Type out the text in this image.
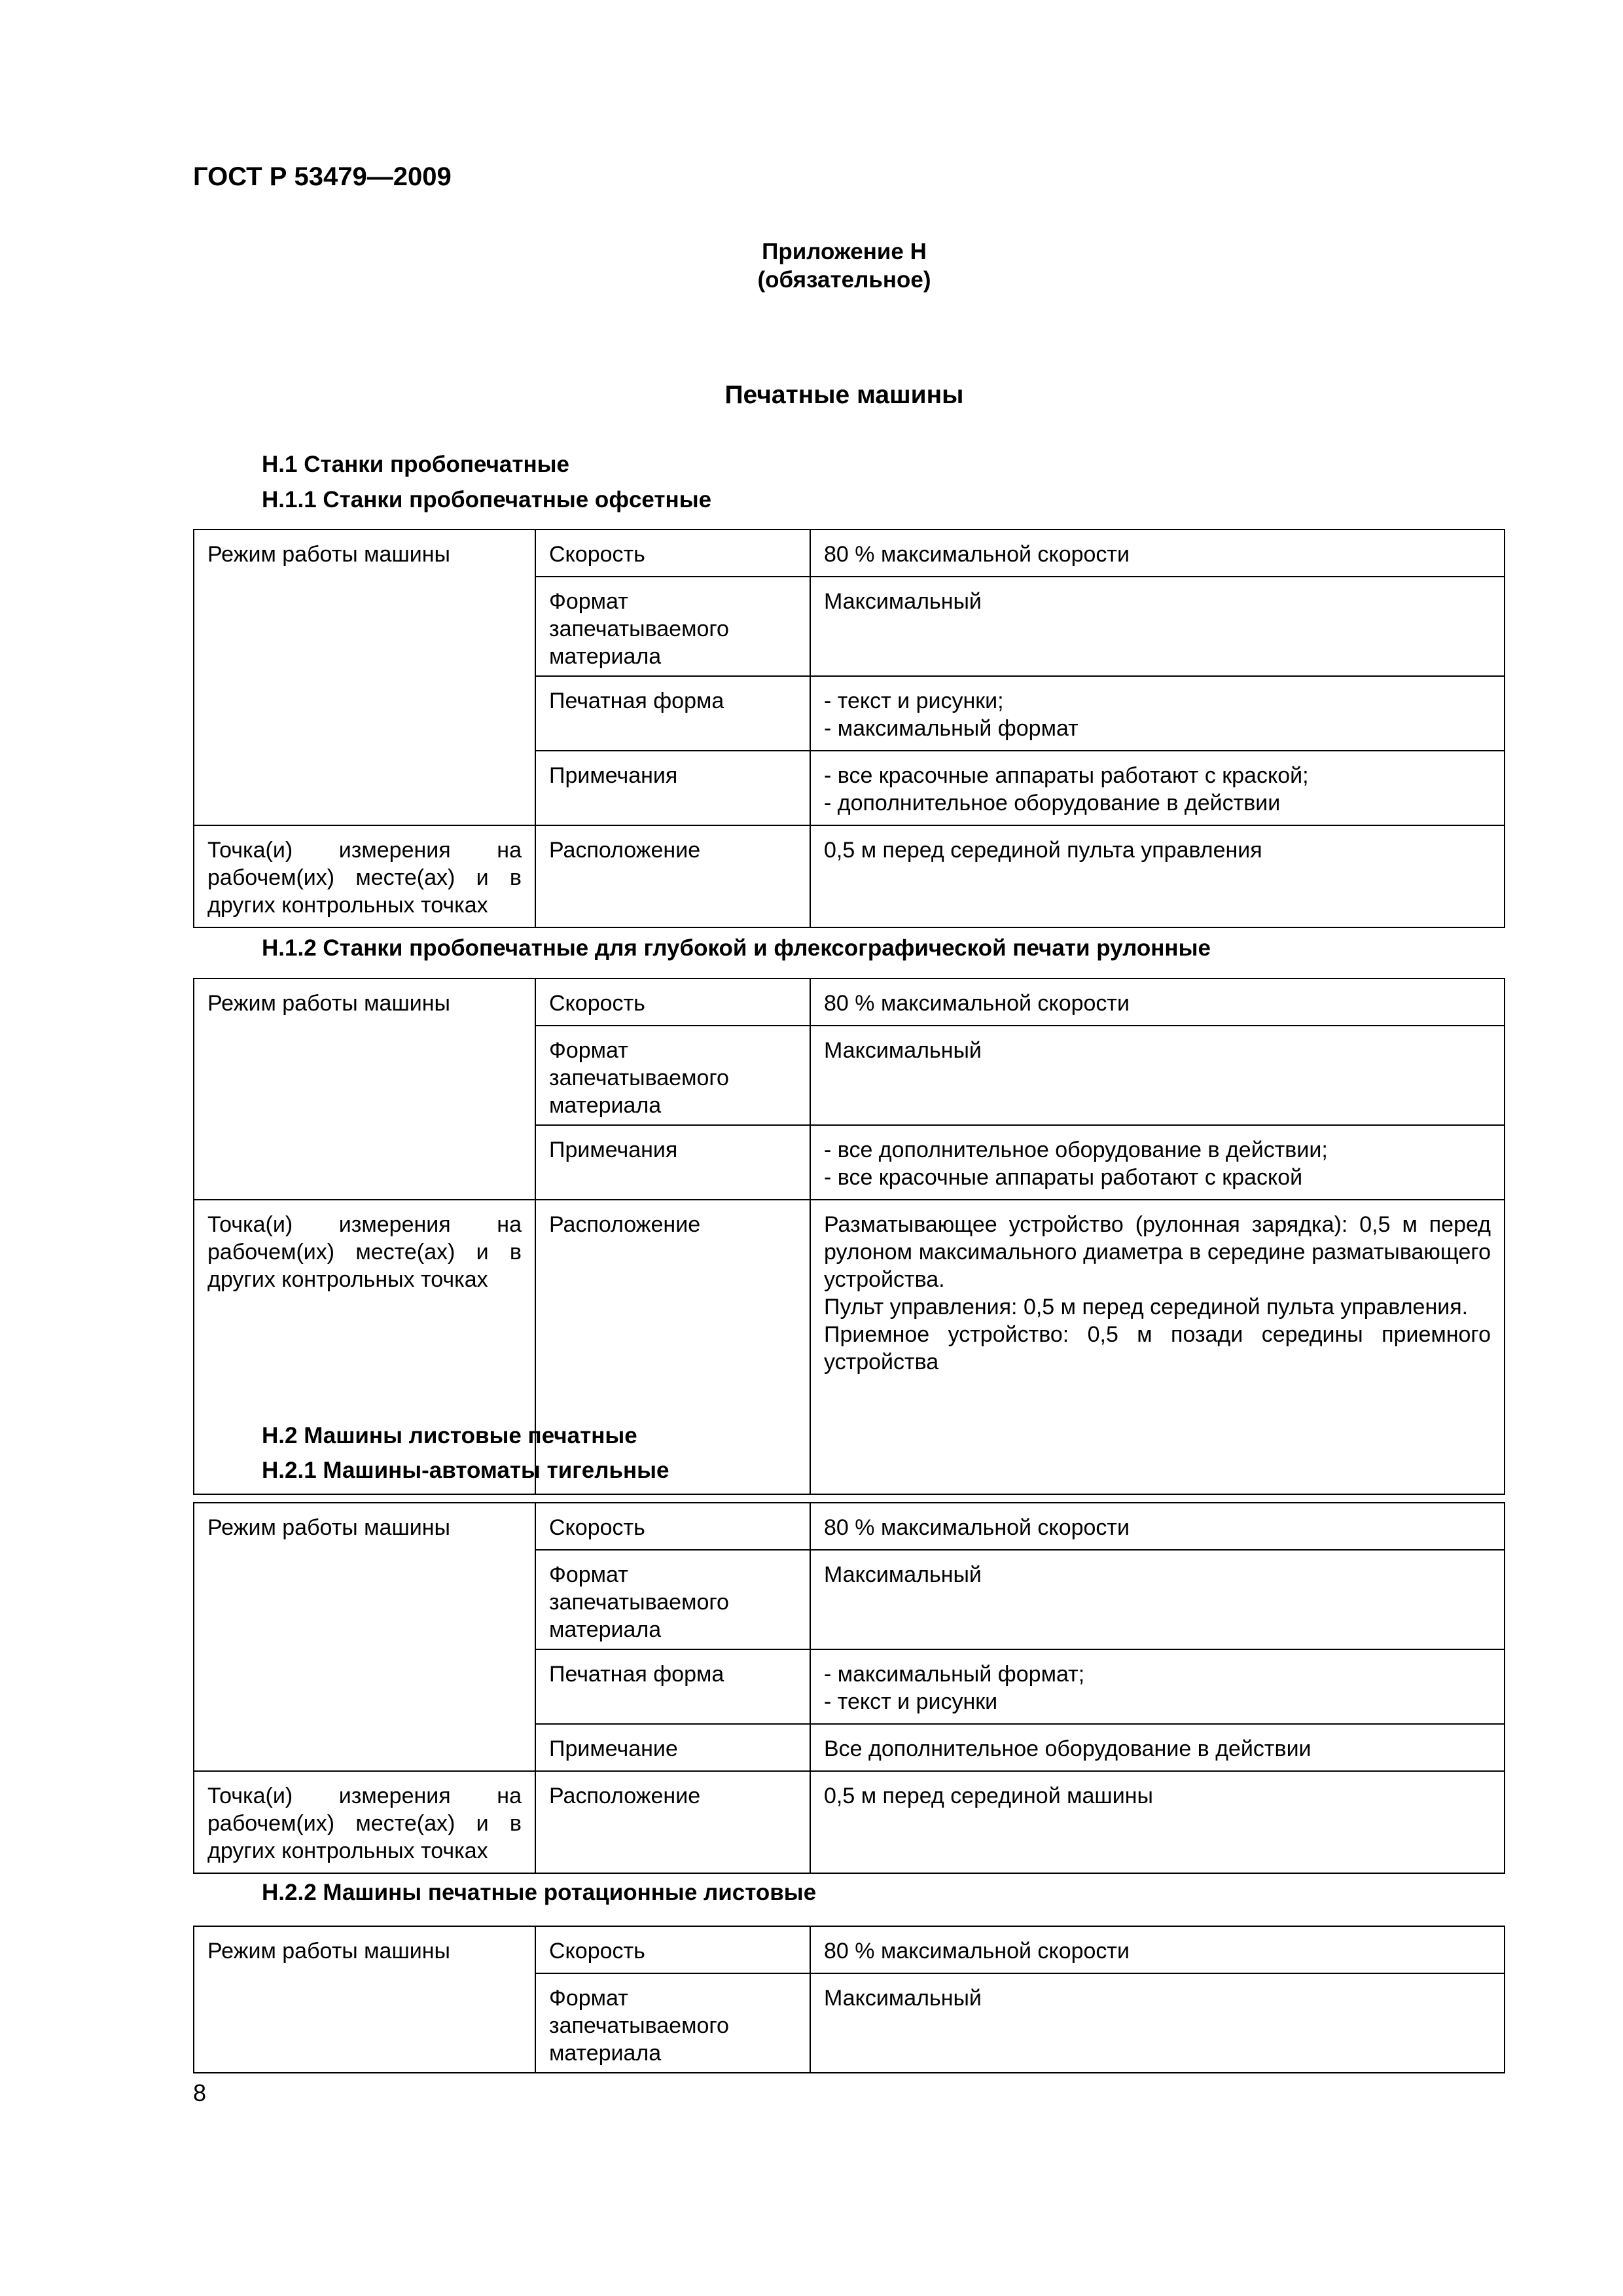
ГОСТ Р 53479—2009
Приложение Н
(обязательное)
Печатные машины
Н.1 Станки пробопечатные
Н.1.1 Станки пробопечатные офсетные
Режим работы машины	Скорость	80 % максимальной скорости
	Формат запечатываемого материала	Максимальный
	Печатная форма	- текст и рисунки;
- максимальный формат

	Примечания	- все красочные аппараты работают с краской;
- дополнительное оборудование в действии

Точка(и) измерения на рабочем(их) месте(ах) и в других контрольных точках	Расположение	0,5 м перед серединой пульта управления
Н.1.2 Станки пробопечатные для глубокой и флексографической печати рулонные
Режим работы машины	Скорость	80 % максимальной скорости
	Формат запечатываемого материала	Максимальный
	Примечания	- все дополнительное оборудование в действии;
- все красочные аппараты работают с краской

Точка(и) измерения на рабочем(их) месте(ах) и в других контрольных точках	Расположение	Разматывающее устройство (рулонная зарядка): 0,5 м перед рулоном максимального диаметра в середине разматывающего устройства.
Пульт управления: 0,5 м перед серединой пульта управления.
Приемное устройство: 0,5 м позади середины приемного устройства
Н.2 Машины листовые печатные
Н.2.1 Машины-автоматы тигельные
Режим работы машины	Скорость	80 % максимальной скорости
	Формат запечатываемого материала	Максимальный
	Печатная форма	- максимальный формат;
- текст и рисунки

	Примечание	Все дополнительное оборудование в действии
Точка(и) измерения на рабочем(их) месте(ах) и в других контрольных точках	Расположение	0,5 м перед серединой машины
Н.2.2 Машины печатные ротационные листовые
Режим работы машины	Скорость	80 % максимальной скорости
	Формат запечатываемого материала	Максимальный
8
